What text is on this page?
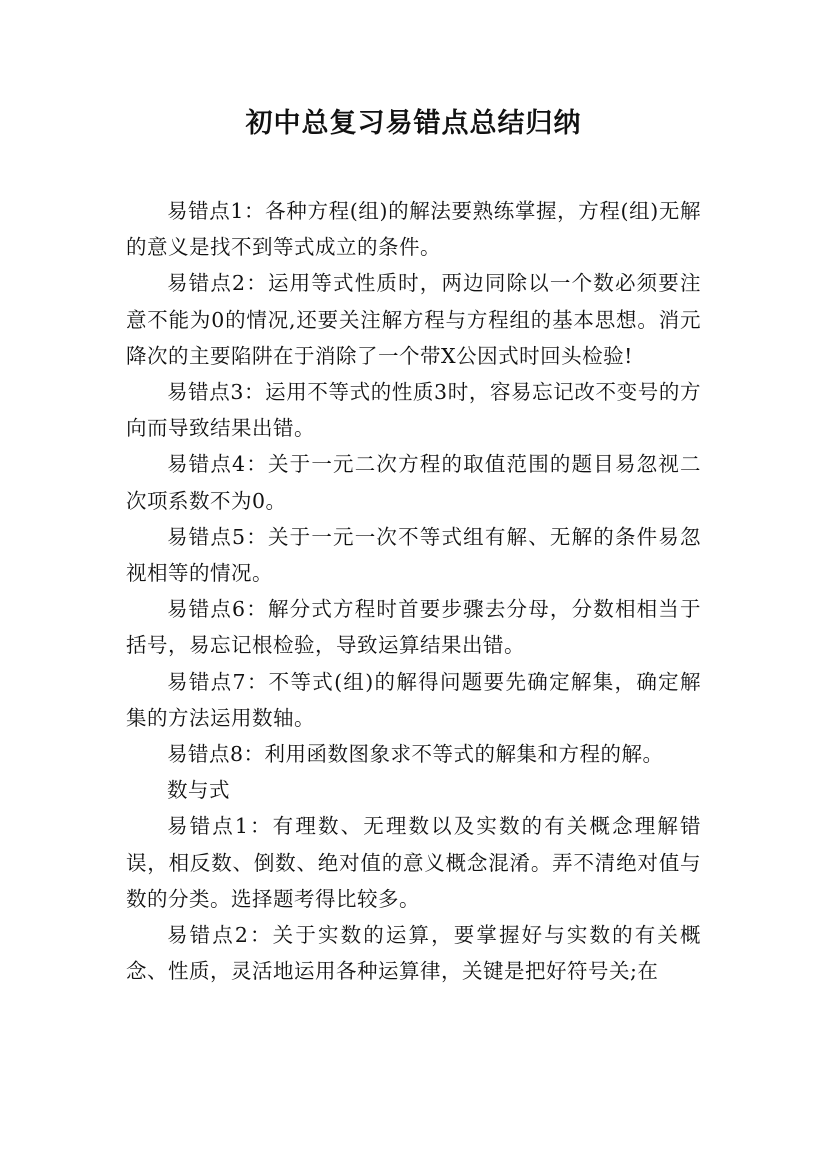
初中总复习易错点总结归纳

易错点1：各种方程(组)的解法要熟练掌握，方程(组)无解的意义是找不到等式成立的条件。

易错点2：运用等式性质时，两边同除以一个数必须要注意不能为0的情况,还要关注解方程与方程组的基本思想。消元降次的主要陷阱在于消除了一个带X公因式时回头检验!

易错点3：运用不等式的性质3时，容易忘记改不变号的方向而导致结果出错。

易错点4：关于一元二次方程的取值范围的题目易忽视二次项系数不为0。

易错点5：关于一元一次不等式组有解、无解的条件易忽视相等的情况。

易错点6：解分式方程时首要步骤去分母，分数相相当于括号，易忘记根检验，导致运算结果出错。

易错点7：不等式(组)的解得问题要先确定解集，确定解集的方法运用数轴。

易错点8：利用函数图象求不等式的解集和方程的解。

数与式

易错点1：有理数、无理数以及实数的有关概念理解错误，相反数、倒数、绝对值的意义概念混淆。弄不清绝对值与数的分类。选择题考得比较多。

易错点2：关于实数的运算，要掌握好与实数的有关概念、性质，灵活地运用各种运算律，关键是把好符号关;在
